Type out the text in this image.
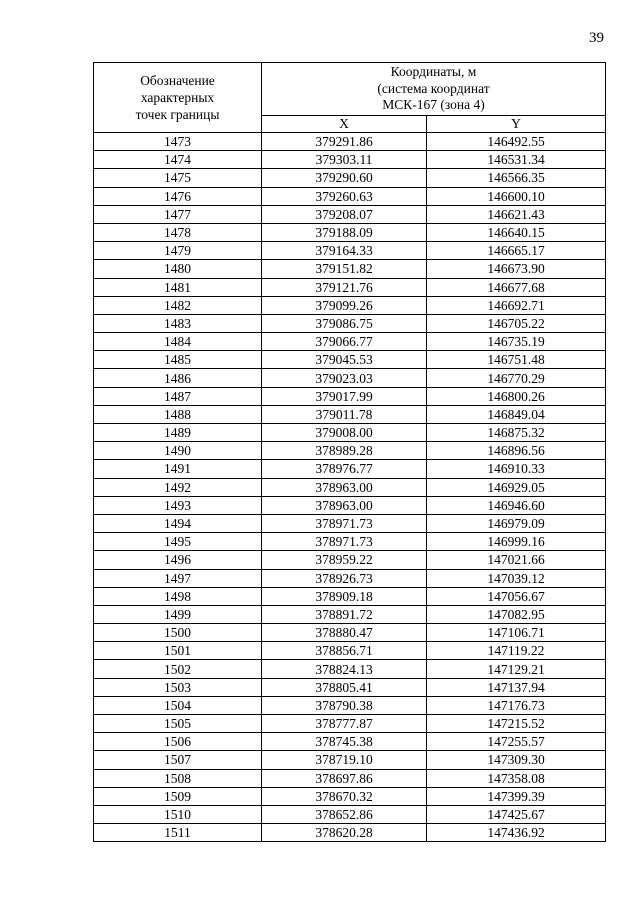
39
Обозначение
характерных
точек границы	Координаты, м
(система координат
МСК-167 (зона 4)	
	X	Y
1473	379291.86	146492.55
1474	379303.11	146531.34
1475	379290.60	146566.35
1476	379260.63	146600.10
1477	379208.07	146621.43
1478	379188.09	146640.15
1479	379164.33	146665.17
1480	379151.82	146673.90
1481	379121.76	146677.68
1482	379099.26	146692.71
1483	379086.75	146705.22
1484	379066.77	146735.19
1485	379045.53	146751.48
1486	379023.03	146770.29
1487	379017.99	146800.26
1488	379011.78	146849.04
1489	379008.00	146875.32
1490	378989.28	146896.56
1491	378976.77	146910.33
1492	378963.00	146929.05
1493	378963.00	146946.60
1494	378971.73	146979.09
1495	378971.73	146999.16
1496	378959.22	147021.66
1497	378926.73	147039.12
1498	378909.18	147056.67
1499	378891.72	147082.95
1500	378880.47	147106.71
1501	378856.71	147119.22
1502	378824.13	147129.21
1503	378805.41	147137.94
1504	378790.38	147176.73
1505	378777.87	147215.52
1506	378745.38	147255.57
1507	378719.10	147309.30
1508	378697.86	147358.08
1509	378670.32	147399.39
1510	378652.86	147425.67
1511	378620.28	147436.92
